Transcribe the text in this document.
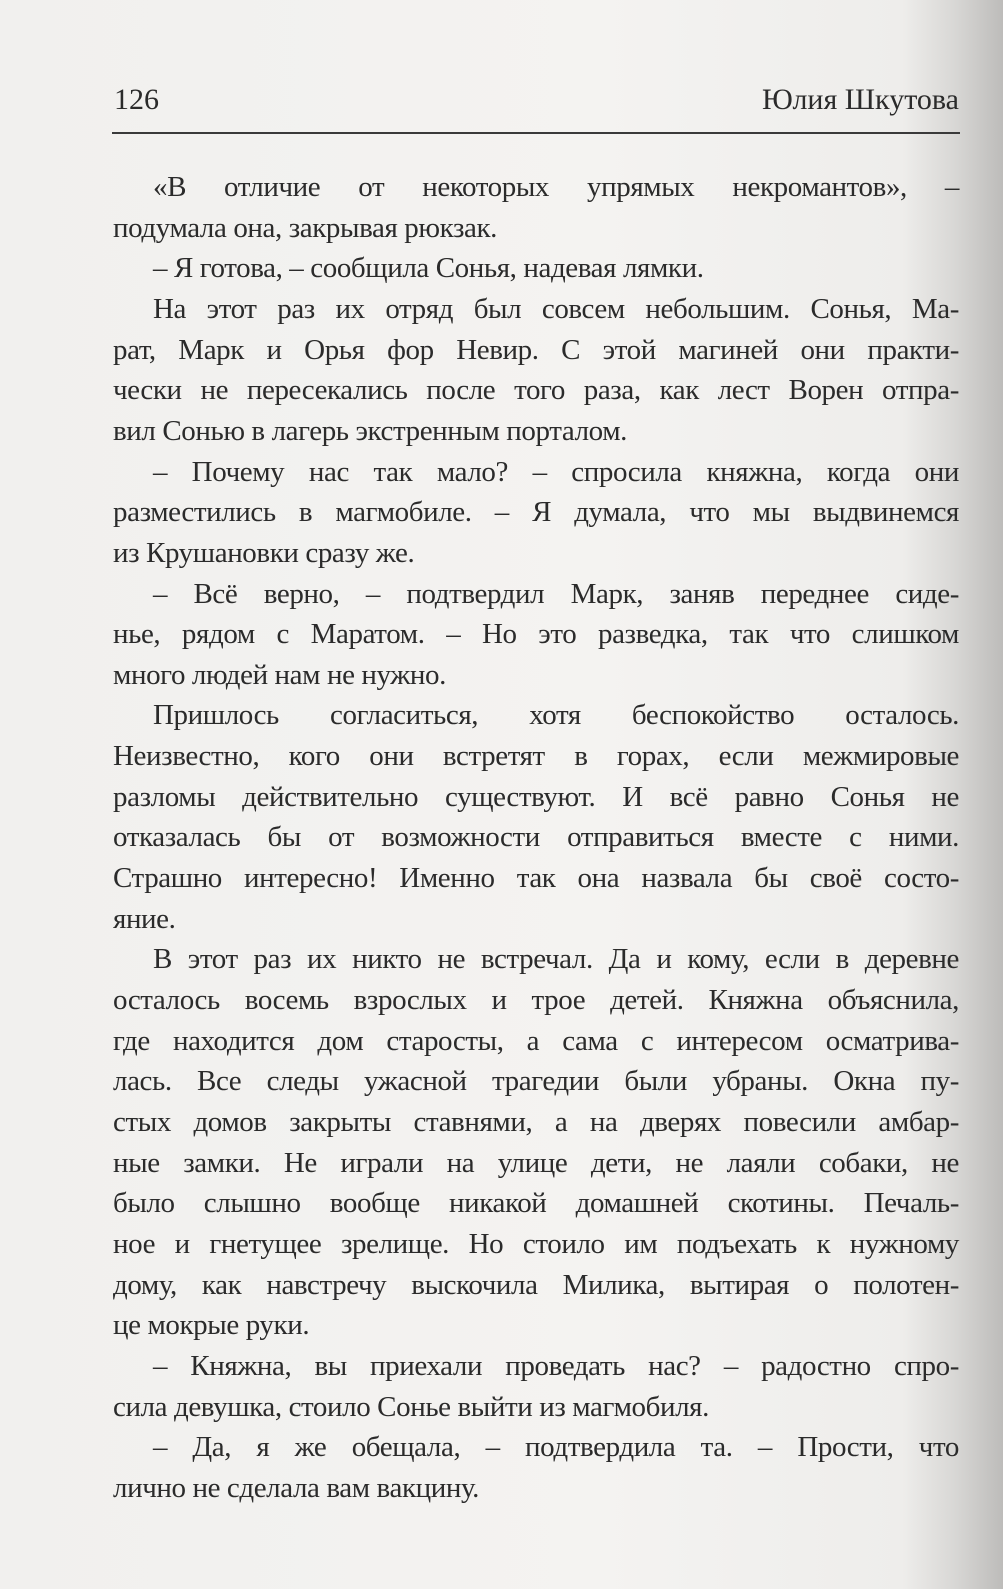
126	Юлия Шкутова
«В отличие от некоторых упрямых некромантов», –
подумала она, закрывая рюкзак.
– Я готова, – сообщила Сонья, надевая лямки.
На этот раз их отряд был совсем небольшим. Сонья, Ма-
рат, Марк и Орья фор Невир. С этой магиней они практи-
чески не пересекались после того раза, как лест Ворен отпра-
вил Сонью в лагерь экстренным порталом.
– Почему нас так мало? – спросила княжна, когда они
разместились в магмобиле. – Я думала, что мы выдвинемся
из Крушановки сразу же.
– Всё верно, – подтвердил Марк, заняв переднее сиде-
нье, рядом с Маратом. – Но это разведка, так что слишком
много людей нам не нужно.
Пришлось согласиться, хотя беспокойство осталось.
Неизвестно, кого они встретят в горах, если межмировые
разломы действительно существуют. И всё равно Сонья не
отказалась бы от возможности отправиться вместе с ними.
Страшно интересно! Именно так она назвала бы своё состо-
яние.
В этот раз их никто не встречал. Да и кому, если в деревне
осталось восемь взрослых и трое детей. Княжна объяснила,
где находится дом старосты, а сама с интересом осматрива-
лась. Все следы ужасной трагедии были убраны. Окна пу-
стых домов закрыты ставнями, а на дверях повесили амбар-
ные замки. Не играли на улице дети, не лаяли собаки, не
было слышно вообще никакой домашней скотины. Печаль-
ное и гнетущее зрелище. Но стоило им подъехать к нужному
дому, как навстречу выскочила Милика, вытирая о полотен-
це мокрые руки.
– Княжна, вы приехали проведать нас? – радостно спро-
сила девушка, стоило Сонье выйти из магмобиля.
– Да, я же обещала, – подтвердила та. – Прости, что
лично не сделала вам вакцину.
